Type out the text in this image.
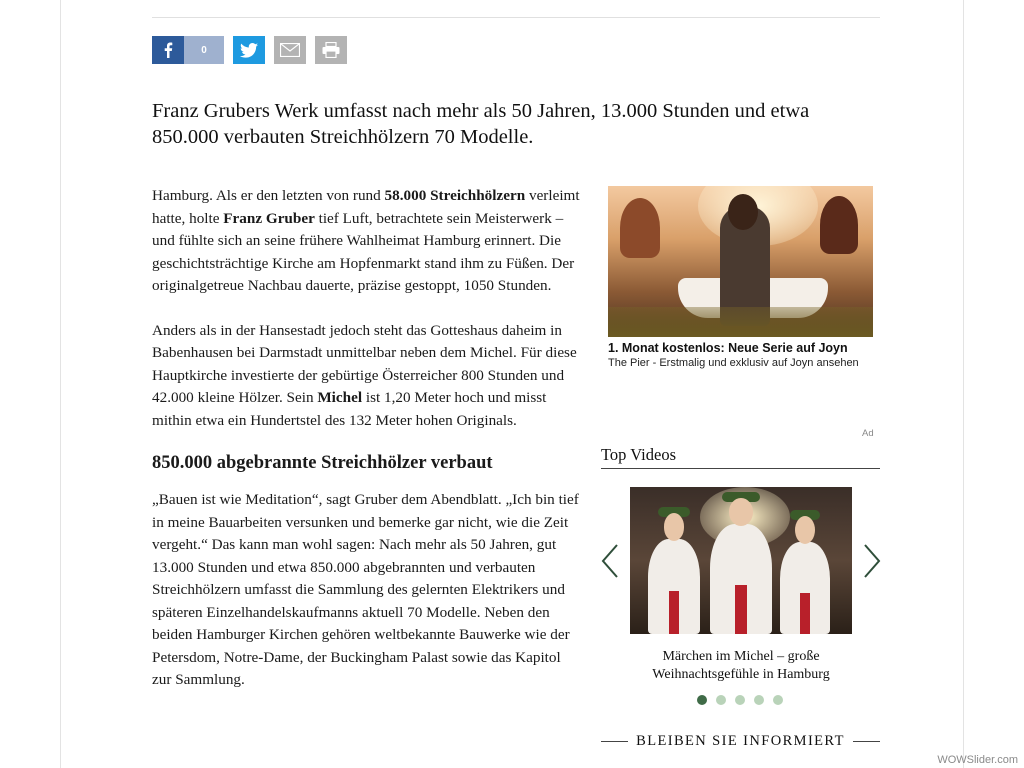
0
Franz Grubers Werk umfasst nach mehr als 50 Jahren, 13.000 Stunden und etwa 850.000 verbauten Streichhölzern 70 Modelle.

Hamburg. Als er den letzten von rund 58.000 Streichhölzern verleimt hatte, holte Franz Gruber tief Luft, betrachtete sein Meisterwerk – und fühlte sich an seine frühere Wahlheimat Hamburg erinnert. Die geschichtsträchtige Kirche am Hopfenmarkt stand ihm zu Füßen. Der originalgetreue Nachbau dauerte, präzise gestoppt, 1050 Stunden.

Anders als in der Hansestadt jedoch steht das Gotteshaus daheim in Babenhausen bei Darmstadt unmittelbar neben dem Michel. Für diese Hauptkirche investierte der gebürtige Österreicher 800 Stunden und 42.000 kleine Hölzer. Sein Michel ist 1,20 Meter hoch und misst mithin etwa ein Hundertstel des 132 Meter hohen Originals.

850.000 abgebrannte Streichhölzer verbaut

„Bauen ist wie Meditation“, sagt Gruber dem Abendblatt. „Ich bin tief in meine Bauarbeiten versunken und bemerke gar nicht, wie die Zeit vergeht.“ Das kann man wohl sagen: Nach mehr als 50 Jahren, gut 13.000 Stunden und etwa 850.000 abgebrannten und verbauten Streichhölzern umfasst die Sammlung des gelernten Elektrikers und späteren Einzelhandelskaufmanns aktuell 70 Modelle. Neben den beiden Hamburger Kirchen gehören weltbekannte Bauwerke wie der Petersdom, Notre-Dame, der Buckingham Palast sowie das Kapitol zur Sammlung.

1. Monat kostenlos: Neue Serie auf Joyn
The Pier - Erstmalig und exklusiv auf Joyn ansehen
Ad
Top Videos
Märchen im Michel – große Weihnachtsgefühle in Hamburg
BLEIBEN SIE INFORMIERT
WOWSlider.com
